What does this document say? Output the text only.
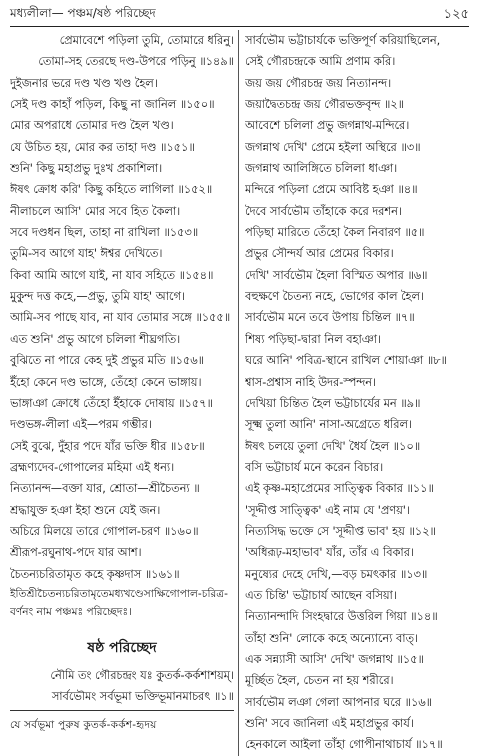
মধ্যলীলা— পঞ্চম/ষষ্ঠ পরিচ্ছেদ	১২৫
প্রেমাবেশে পড়িলা তুমি, তোমারে ধরিনু।
তোমা-সহ তেরছে দণ্ড-উপরে পড়িনু ॥১৪৯॥
দুইজনার ভরে দণ্ড খণ্ড খণ্ড হৈল।
সেই দণ্ড কাহাঁ পড়িল, কিছু না জানিল ॥১৫০॥
মোর অপরাধে তোমার দণ্ড হৈল খণ্ড।
যে উচিত হয়, মোর কর তাহা দণ্ড ॥১৫১॥
শুনি' কিছু মহাপ্রভু দুঃখ প্রকাশিলা।
ঈষৎ ক্রোধ করি' কিছু কহিতে লাগিলা ॥১৫২॥
নীলাচলে আসি' মোর সবে হিত কৈলা।
সবে দণ্ডধন ছিল, তাহা না রাখিলা ॥১৫৩॥
তুমি-সব আগে যাহ' ঈশ্বর দেখিতে।
কিবা আমি আগে যাই, না যাব সহিতে ॥১৫৪॥
মুকুন্দ দত্ত কহে,—প্রভু, তুমি যাহ' আগে।
আমি-সব পাছে যাব, না যাব তোমার সঙ্গে ॥১৫৫॥
এত শুনি' প্রভু আগে চলিলা শীঘ্রগতি।
বুঝিতে না পারে কেহ দুই প্রভুর মতি ॥১৫৬॥
ইঁহো কেনে দণ্ড ভাঙ্গে, তেঁহো কেনে ভাঙ্গায়।
ভাঙ্গাঞা ক্রোধে তেঁহো ইঁহাকে দোষায় ॥১৫৭॥
দণ্ডভঙ্গ-লীলা এই—পরম গম্ভীর।
সেই বুঝে, দুঁহার পদে যাঁর ভক্তি ধীর ॥১৫৮॥
ব্রহ্মণ্যদেব-গোপালের মহিমা এই ধন্য।
নিত্যানন্দ—বক্তা যার, শ্রোতা—শ্রীচৈতন্য ॥
শ্রদ্ধাযুক্ত হঞা ইহা শুনে যেই জন।
অচিরে মিলয়ে তারে গোপাল-চরণ ॥১৬০॥
শ্রীরূপ-রঘুনাথ-পদে যার আশ।
চৈতন্যচরিতামৃত কহে কৃষ্ণদাস ॥১৬১॥
ইতিশ্রীচৈতন্যচরিতামৃতেমধ্যখণ্ডেসাক্ষিগোপাল-চরিত্র-বর্ণনং নাম পঞ্চমঃ পরিচ্ছেদঃ।
ষষ্ঠ পরিচ্ছেদ
নৌমি তং গৌরচন্দ্রং যঃ কুতর্ক-কর্কশাশয়ম্।
সার্বভৌমং সর্বভূমা ভক্তিভূমানমাচরৎ ॥১॥
যে সর্বভূমা পুরুষ কুতর্ক-কর্কশ-হৃদয়
সার্বভৌম ভট্টাচার্যকে ভক্তিপূর্ণ করিয়াছিলেন,
সেই গৌরচন্দ্রকে আমি প্রণাম করি।
জয় জয় গৌরচন্দ্র জয় নিত্যানন্দ।
জয়াদ্বৈতচন্দ্র জয় গৌরভক্তবৃন্দ ॥২॥
আবেশে চলিলা প্রভু জগন্নাথ-মন্দিরে।
জগন্নাথ দেখি' প্রেমে হইলা অস্থিরে ॥৩॥
জগন্নাথ আলিঙ্গিতে চলিলা ধাঞা।
মন্দিরে পড়িলা প্রেমে আবিষ্ট হঞা ॥৪॥
দৈবে সার্বভৌম তাঁহাকে করে দরশন।
পড়িছা মারিতে তেঁহো কৈল নিবারণ ॥৫॥
প্রভুর সৌন্দর্য আর প্রেমের বিকার।
দেখি' সার্বভৌম হৈলা বিস্মিত অপার ॥৬॥
বহুক্ষণে চৈতন্য নহে, ভোগের কাল হৈল।
সার্বভৌম মনে তবে উপায় চিন্তিল ॥৭॥
শিষ্য পড়িছা-দ্বারা নিল বহাঞা।
ঘরে আনি' পবিত্র-স্থানে রাখিল শোয়াঞা ॥৮॥
শ্বাস-প্রশ্বাস নাহি উদর-স্পন্দন।
দেখিয়া চিন্তিত হৈল ভট্টাচার্যের মন ॥৯॥
সূক্ষ্ম তুলা আনি' নাসা-অগ্রেতে ধরিল।
ঈষৎ চলয়ে তুলা দেখি' ধৈর্য হৈল ॥১০॥
বসি ভট্টাচার্য মনে করেন বিচার।
এই কৃষ্ণ-মহাপ্রেমের সাত্ত্বিক বিকার ॥১১॥
'সূদ্দীপ্ত সাত্ত্বিক' এই নাম যে 'প্রণয়'।
নিত্যসিদ্ধ ভক্তে সে 'সূদ্দীপ্ত ভাব' হয় ॥১২॥
'অধিরূঢ়-মহাভাব' যাঁর, তাঁর এ বিকার।
মনুষ্যের দেহে দেখি,—বড় চমৎকার ॥১৩॥
এত চিন্তি' ভট্টাচার্য আছেন বসিয়া।
নিত্যানন্দাদি সিংহদ্বারে উত্তরিল গিয়া ॥১৪॥
তাঁহা শুনি' লোকে কহে অন্যোন্যে বাত্।
এক সন্ন্যাসী আসি' দেখি' জগন্নাথ ॥১৫॥
মূর্চ্ছিত হৈল, চেতন না হয় শরীরে।
সার্বভৌম লঞা গেলা আপনার ঘরে ॥১৬॥
শুনি' সবে জানিলা এই মহাপ্রভুর কার্য।
হেনকালে আইলা তাঁহা গোপীনাথাচার্য ॥১৭॥
